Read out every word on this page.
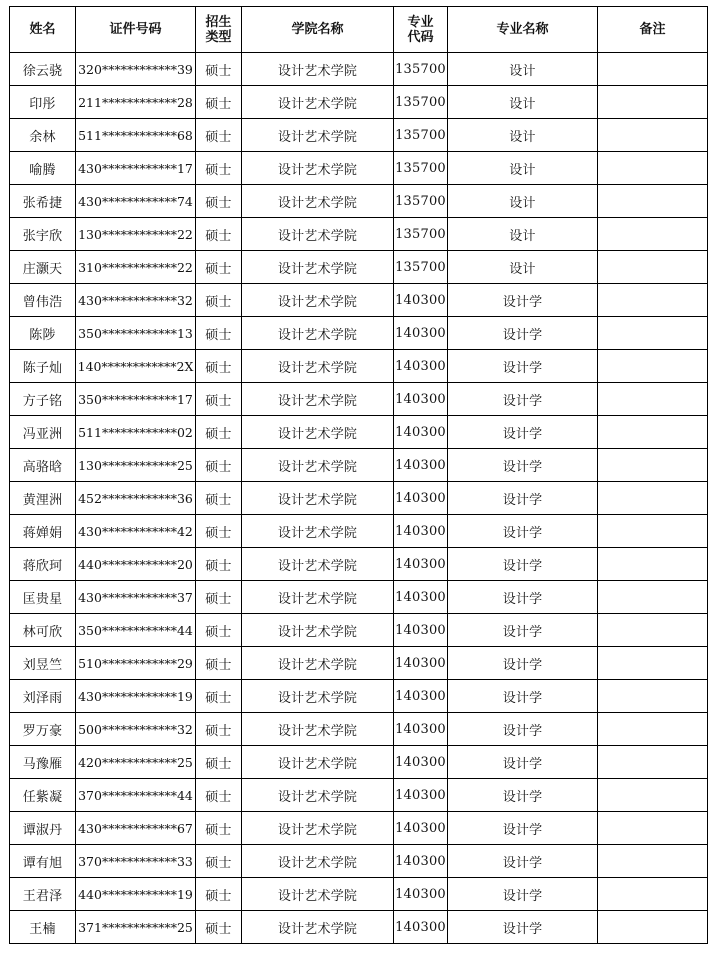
姓名	证件号码	招生类型	学院名称	专业代码	专业名称	备注
徐云骁	320************39	硕士	设计艺术学院	135700	设计	
印彤	211************28	硕士	设计艺术学院	135700	设计	
余林	511************68	硕士	设计艺术学院	135700	设计	
喻腾	430************17	硕士	设计艺术学院	135700	设计	
张希捷	430************74	硕士	设计艺术学院	135700	设计	
张宇欣	130************22	硕士	设计艺术学院	135700	设计	
庄灏天	310************22	硕士	设计艺术学院	135700	设计	
曾伟浩	430************32	硕士	设计艺术学院	140300	设计学	
陈陟	350************13	硕士	设计艺术学院	140300	设计学	
陈子灿	140************2X	硕士	设计艺术学院	140300	设计学	
方子铭	350************17	硕士	设计艺术学院	140300	设计学	
冯亚洲	511************02	硕士	设计艺术学院	140300	设计学	
高骆晗	130************25	硕士	设计艺术学院	140300	设计学	
黄浬洲	452************36	硕士	设计艺术学院	140300	设计学	
蒋婵娟	430************42	硕士	设计艺术学院	140300	设计学	
蒋欣珂	440************20	硕士	设计艺术学院	140300	设计学	
匡贵星	430************37	硕士	设计艺术学院	140300	设计学	
林可欣	350************44	硕士	设计艺术学院	140300	设计学	
刘昱竺	510************29	硕士	设计艺术学院	140300	设计学	
刘泽雨	430************19	硕士	设计艺术学院	140300	设计学	
罗万豪	500************32	硕士	设计艺术学院	140300	设计学	
马豫雁	420************25	硕士	设计艺术学院	140300	设计学	
任紫凝	370************44	硕士	设计艺术学院	140300	设计学	
谭淑丹	430************67	硕士	设计艺术学院	140300	设计学	
谭有旭	370************33	硕士	设计艺术学院	140300	设计学	
王君泽	440************19	硕士	设计艺术学院	140300	设计学	
王楠	371************25	硕士	设计艺术学院	140300	设计学	
